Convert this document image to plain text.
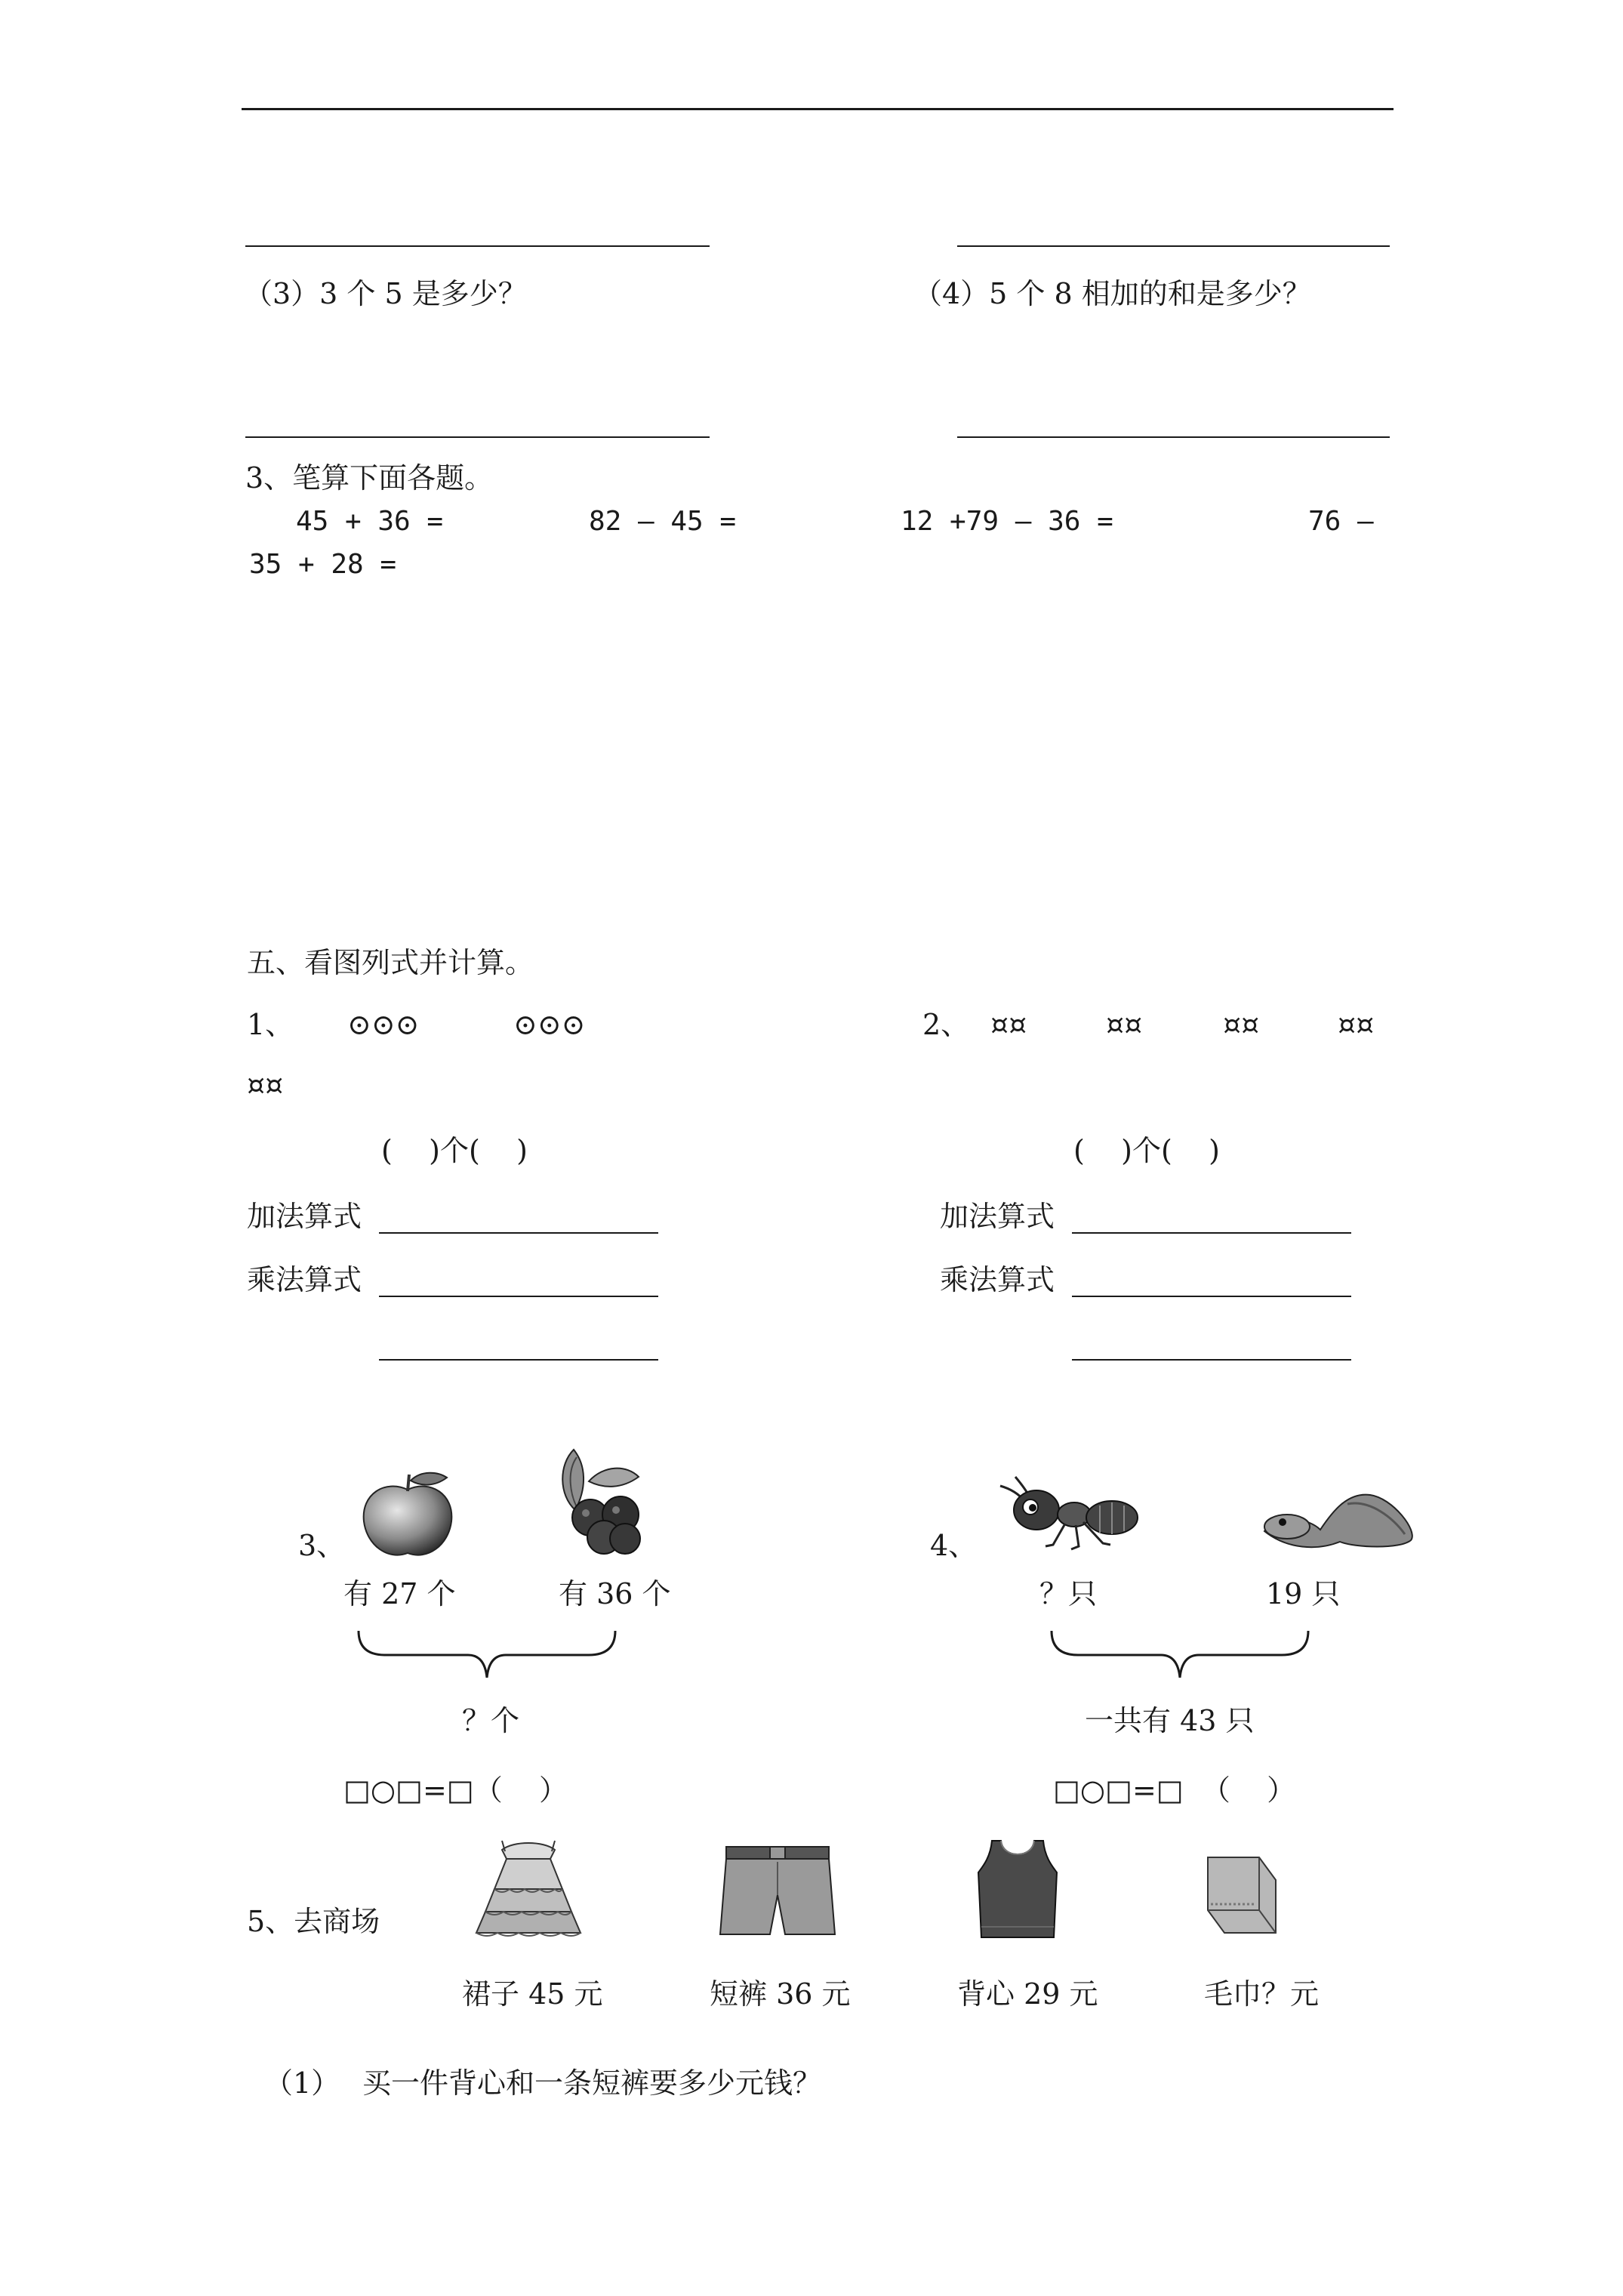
（3）3 个 5 是多少？	（4）5 个 8 相加的和是多少？
3、笔算下面各题。
45 + 36 =	82 — 45 =	12 +79 — 36 =	76 —
35 + 28 =
五、看图列式并计算。
1、 ⊙⊙⊙	⊙⊙⊙	2、 ¤¤	¤¤	¤¤	¤¤
¤¤
(    )个(    )	(    )个(    )
加法算式	加法算式
乘法算式	乘法算式
3、
有 27 个	有 36 个
？个
□○□=□（    ）
4、
？只	19 只
一共有 43 只
□○□=□  （    ）
5、去商场
裙子 45 元	短裤 36 元	背心 29 元	毛巾？元
（1） 买一件背心和一条短裤要多少元钱？
